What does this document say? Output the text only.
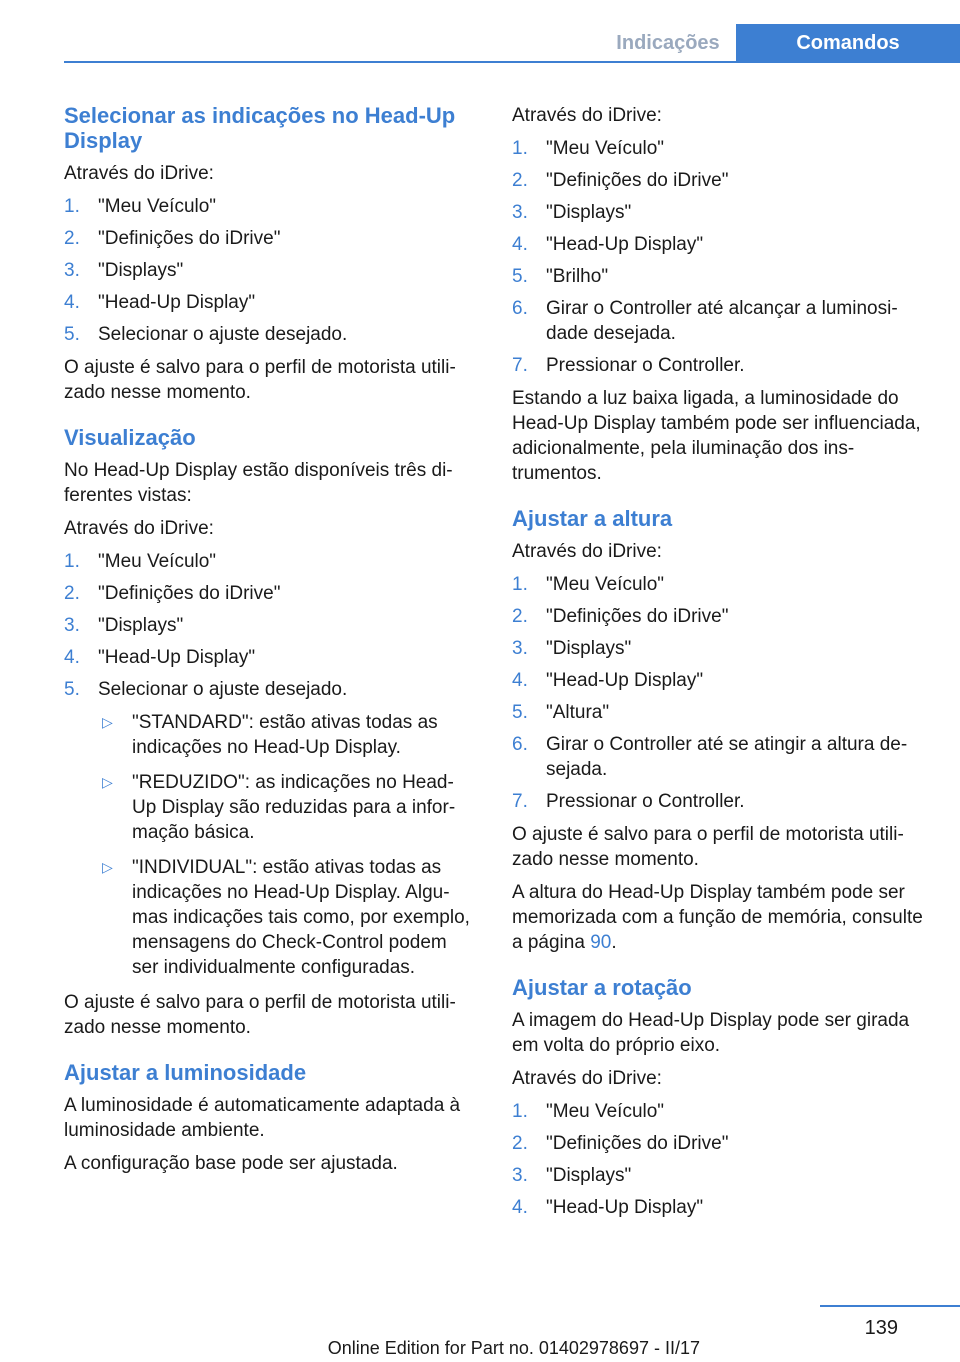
Indicações	Comandos
Selecionar as indicações no Head-Up Display

Através do iDrive:

1. "Meu Veículo"
2. "Definições do iDrive"
3. "Displays"
4. "Head-Up Display"
5. Selecionar o ajuste desejado.

O ajuste é salvo para o perfil de motorista utilizado nesse momento.

Visualização

No Head-Up Display estão disponíveis três diferentes vistas:

Através do iDrive:

1. "Meu Veículo"
2. "Definições do iDrive"
3. "Displays"
4. "Head-Up Display"
5. Selecionar o ajuste desejado.
▷ "STANDARD": estão ativas todas as indicações no Head-Up Display.
▷ "REDUZIDO": as indicações no Head-Up Display são reduzidas para a informação básica.
▷ "INDIVIDUAL": estão ativas todas as indicações no Head-Up Display. Algumas indicações tais como, por exemplo, mensagens do Check-Control podem ser individualmente configuradas.

O ajuste é salvo para o perfil de motorista utilizado nesse momento.

Ajustar a luminosidade

A luminosidade é automaticamente adaptada à luminosidade ambiente.

A configuração base pode ser ajustada.

Através do iDrive:

1. "Meu Veículo"
2. "Definições do iDrive"
3. "Displays"
4. "Head-Up Display"
5. "Brilho"
6. Girar o Controller até alcançar a luminosidade desejada.
7. Pressionar o Controller.

Estando a luz baixa ligada, a luminosidade do Head-Up Display também pode ser influenciada, adicionalmente, pela iluminação dos instrumentos.

Ajustar a altura

Através do iDrive:

1. "Meu Veículo"
2. "Definições do iDrive"
3. "Displays"
4. "Head-Up Display"
5. "Altura"
6. Girar o Controller até se atingir a altura desejada.
7. Pressionar o Controller.

O ajuste é salvo para o perfil de motorista utilizado nesse momento.

A altura do Head-Up Display também pode ser memorizada com a função de memória, consulte a página 90.

Ajustar a rotação

A imagem do Head-Up Display pode ser girada em volta do próprio eixo.

Através do iDrive:

1. "Meu Veículo"
2. "Definições do iDrive"
3. "Displays"
4. "Head-Up Display"
139
Online Edition for Part no. 01402978697 - II/17
